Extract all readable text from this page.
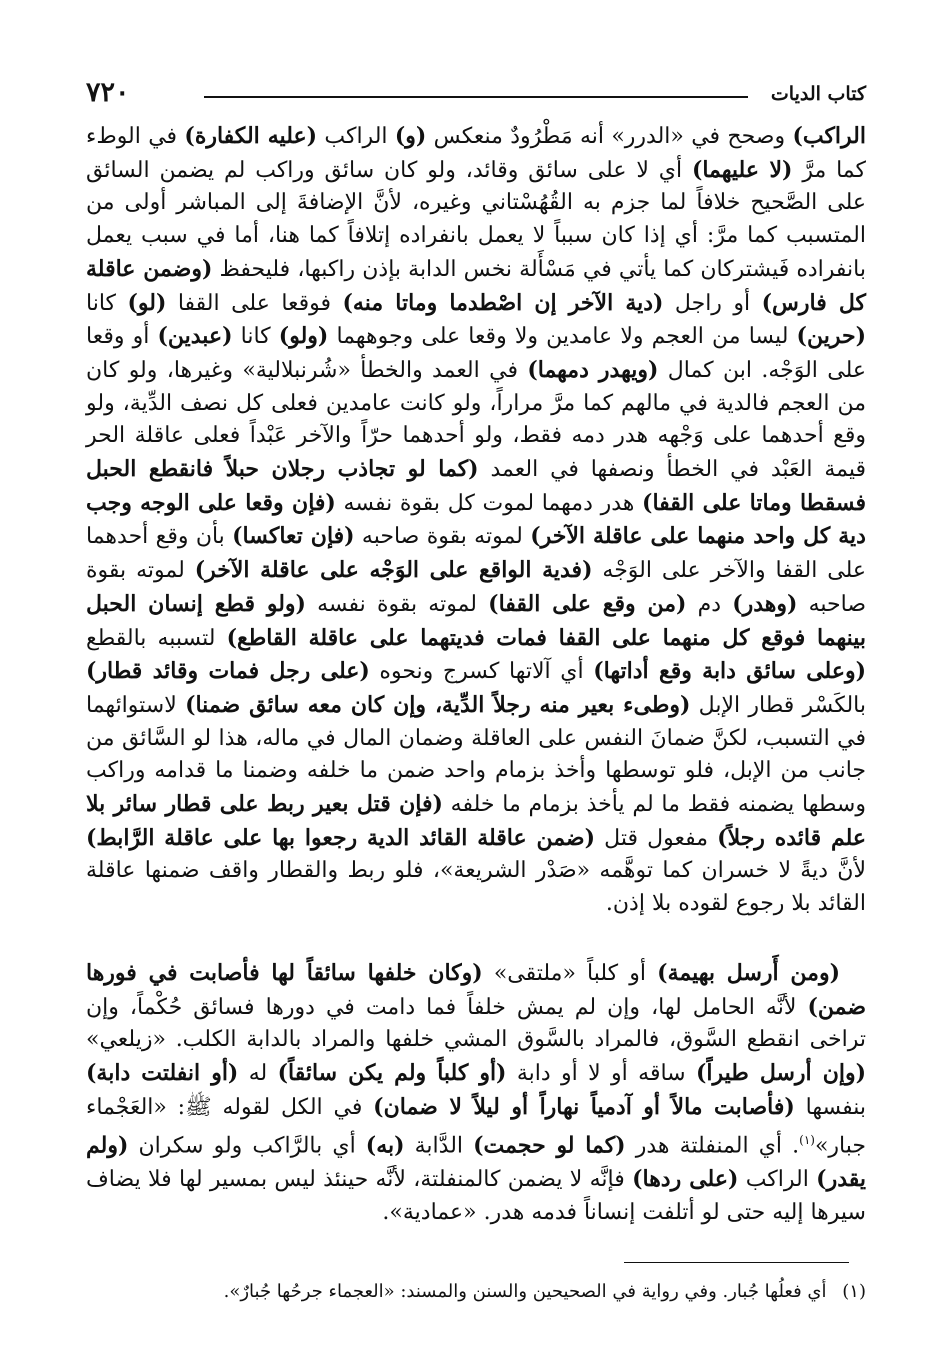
٧٢٠	كتاب الديات

الراكب) وصحح في «الدرر» أنه مَطْرُودٌ منعكس (و) الراكب (عليه الكفارة) في الوطء كما مرَّ (لا عليهما) أي لا على سائق وقائد، ولو كان سائق وراكب لم يضمن السائق على الصَّحيح خلافاً لما جزم به القُهُسْتاني وغيره، لأنَّ الإضافةَ إلى المباشر أولى من المتسبب كما مرَّ: أي إذا كان سبباً لا يعمل بانفراده إتلافاً كما هنا، أما في سبب يعمل بانفراده فَيشتركان كما يأتي في مَسْأَلة نخس الدابة بإذن راكبها، فليحفظ (وضمن عاقلة كل فارس) أو راجل (دية الآخر إن اصْطدما وماتا منه) فوقعا على القفا (لو) كانا (حرين) ليسا من العجم ولا عامدين ولا وقعا على وجوههما (ولو) كانا (عبدين) أو وقعا على الوَجْه. ابن كمال (ويهدر دمهما) في العمد والخطأ «شُرنبلالية» وغيرها، ولو كان من العجم فالدية في مالهم كما مرَّ مراراً، ولو كانت عامدين فعلى كل نصف الدِّية، ولو وقع أحدهما على وَجْهه هدر دمه فقط، ولو أحدهما حرّاً والآخر عَبْداً فعلى عاقلة الحر قيمة العَبْد في الخطأ ونصفها في العمد (كما لو تجاذب رجلان حبلاً فانقطع الحبل فسقطا وماتا على القفا) هدر دمهما لموت كل بقوة نفسه (فإن وقعا على الوجه وجب دية كل واحد منهما على عاقلة الآخر) لموته بقوة صاحبه (فإن تعاكسا) بأن وقع أحدهما على القفا والآخر على الوَجْه (فدية الواقع على الوَجْه على عاقلة الآخر) لموته بقوة صاحبه (وهدر) دم (من وقع على القفا) لموته بقوة نفسه (ولو قطع إنسان الحبل بينهما فوقع كل منهما على القفا فمات فديتهما على عاقلة القاطع) لتسببه بالقطع (وعلى سائق دابة وقع أداتها) أي آلاتها كسرج ونحوه (على رجل فمات وقائد قطار) بالكَسْر قطار الإبل (وطىء بعير منه رجلاً الدِّية، وإن كان معه سائق ضمنا) لاستوائهما في التسبب، لكنَّ ضمانَ النفس على العاقلة وضمان المال في ماله، هذا لو السَّائق من جانب من الإبل، فلو توسطها وأخذ بزمام واحد ضمن ما خلفه وضمنا ما قدامه وراكب وسطها يضمنه فقط ما لم يأخذ بزمام ما خلفه (فإن قتل بعير ربط على قطار سائر بلا علم قائده رجلاً) مفعول قتل (ضمن عاقلة القائد الدية رجعوا بها على عاقلة الرَّابط) لأنَّ ديةً لا خسران كما توهَّمه «صَدْر الشريعة»، فلو ربط والقطار واقف ضمنها عاقلة القائد بلا رجوع لقوده بلا إذن.

(ومن أَرسل بهيمة) أو كلباً «ملتقى» (وكان خلفها سائقاً لها فأصابت في فورها ضمن) لأنَّه الحامل لها، وإن لم يمش خلفاً فما دامت في دورها فسائق حُكْماً، وإن تراخى انقطع السَّوق، فالمراد بالسَّوق المشي خلفها والمراد بالدابة الكلب. «زيلعي» (وإن أرسل طيراً) ساقه أو لا أو دابة (أو كلباً ولم يكن سائقاً) له (أو انفلتت دابة) بنفسها (فأصابت مالاً أو آدمياً نهاراً أو ليلاً لا ضمان) في الكل لقوله ﷺ: «العَجْماء جبار»$^{(١)}$. أي المنفلتة هدر (كما لو حجمت) الدَّابة (به) أي بالرَّاكب ولو سكران (ولم يقدر) الراكب (على ردها) فإنَّه لا يضمن كالمنفلتة، لأنَّه حينئذ ليس بمسير لها فلا يضاف سيرها إليه حتى لو أتلفت إنساناً فدمه هدر. «عمادية».

(١) أي فعلُها جُبار. وفي رواية في الصحيحين والسنن والمسند: «العجماء جرحُها جُبارٌ».
